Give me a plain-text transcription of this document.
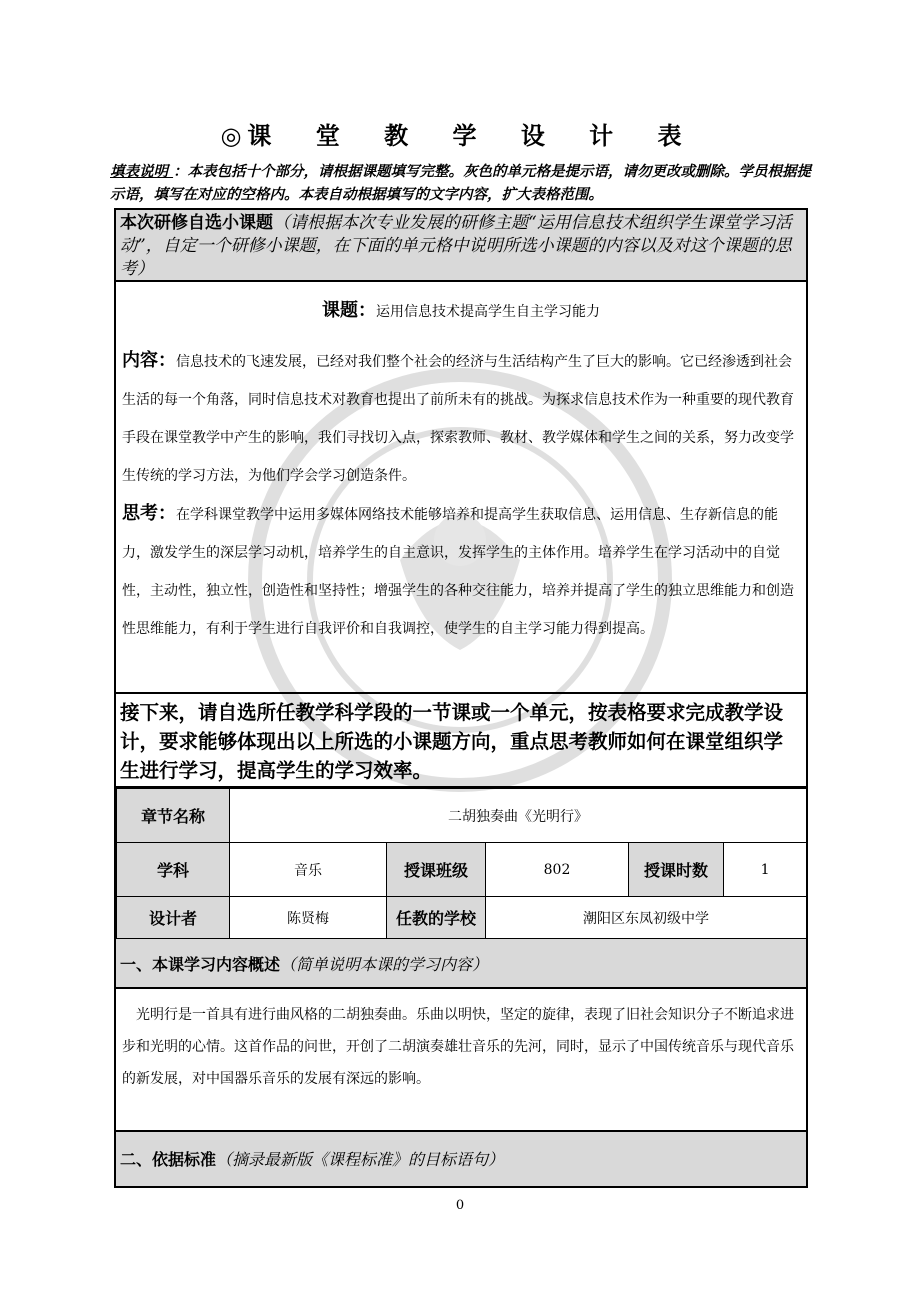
◎ 课 堂 教 学 设 计 表
填表说明 ：本表包括十个部分，请根据课题填写完整。灰色的单元格是提示语，请勿更改或删除。学员根据提示语，填写在对应的空格内。本表自动根据填写的文字内容，扩大表格范围。
本次研修自选小课题（请根据本次专业发展的研修主题“运用信息技术组织学生课堂学习活动”，自定一个研修小课题，在下面的单元格中说明所选小课题的内容以及对这个课题的思考）

课题：运用信息技术提高学生自主学习能力

内容：信息技术的飞速发展，已经对我们整个社会的经济与生活结构产生了巨大的影响。它已经渗透到社会生活的每一个角落，同时信息技术对教育也提出了前所未有的挑战。为探求信息技术作为一种重要的现代教育手段在课堂教学中产生的影响，我们寻找切入点，探索教师、教材、教学媒体和学生之间的关系，努力改变学生传统的学习方法，为他们学会学习创造条件。

思考：在学科课堂教学中运用多媒体网络技术能够培养和提高学生获取信息、运用信息、生存新信息的能力，激发学生的深层学习动机，培养学生的自主意识，发挥学生的主体作用。培养学生在学习活动中的自觉性，主动性，独立性，创造性和坚持性；增强学生的各种交往能力，培养并提高了学生的独立思维能力和创造性思维能力，有利于学生进行自我评价和自我调控，使学生的自主学习能力得到提高。

接下来，请自选所任教学科学段的一节课或一个单元，按表格要求完成教学设计，要求能够体现出以上所选的小课题方向，重点思考教师如何在课堂组织学生进行学习，提高学生的学习效率。
章节名称	二胡独奏曲《光明行》				
学科	音乐	授课班级	802	授课时数	1
设计者	陈贤梅	任教的学校	潮阳区东凤初级中学		
一、本课学习内容概述（简单说明本课的学习内容）
光明行是一首具有进行曲风格的二胡独奏曲。乐曲以明快，坚定的旋律，表现了旧社会知识分子不断追求进步和光明的心情。这首作品的问世，开创了二胡演奏雄壮音乐的先河，同时，显示了中国传统音乐与现代音乐的新发展，对中国器乐音乐的发展有深远的影响。
二、依据标准（摘录最新版《课程标准》的目标语句）
0
